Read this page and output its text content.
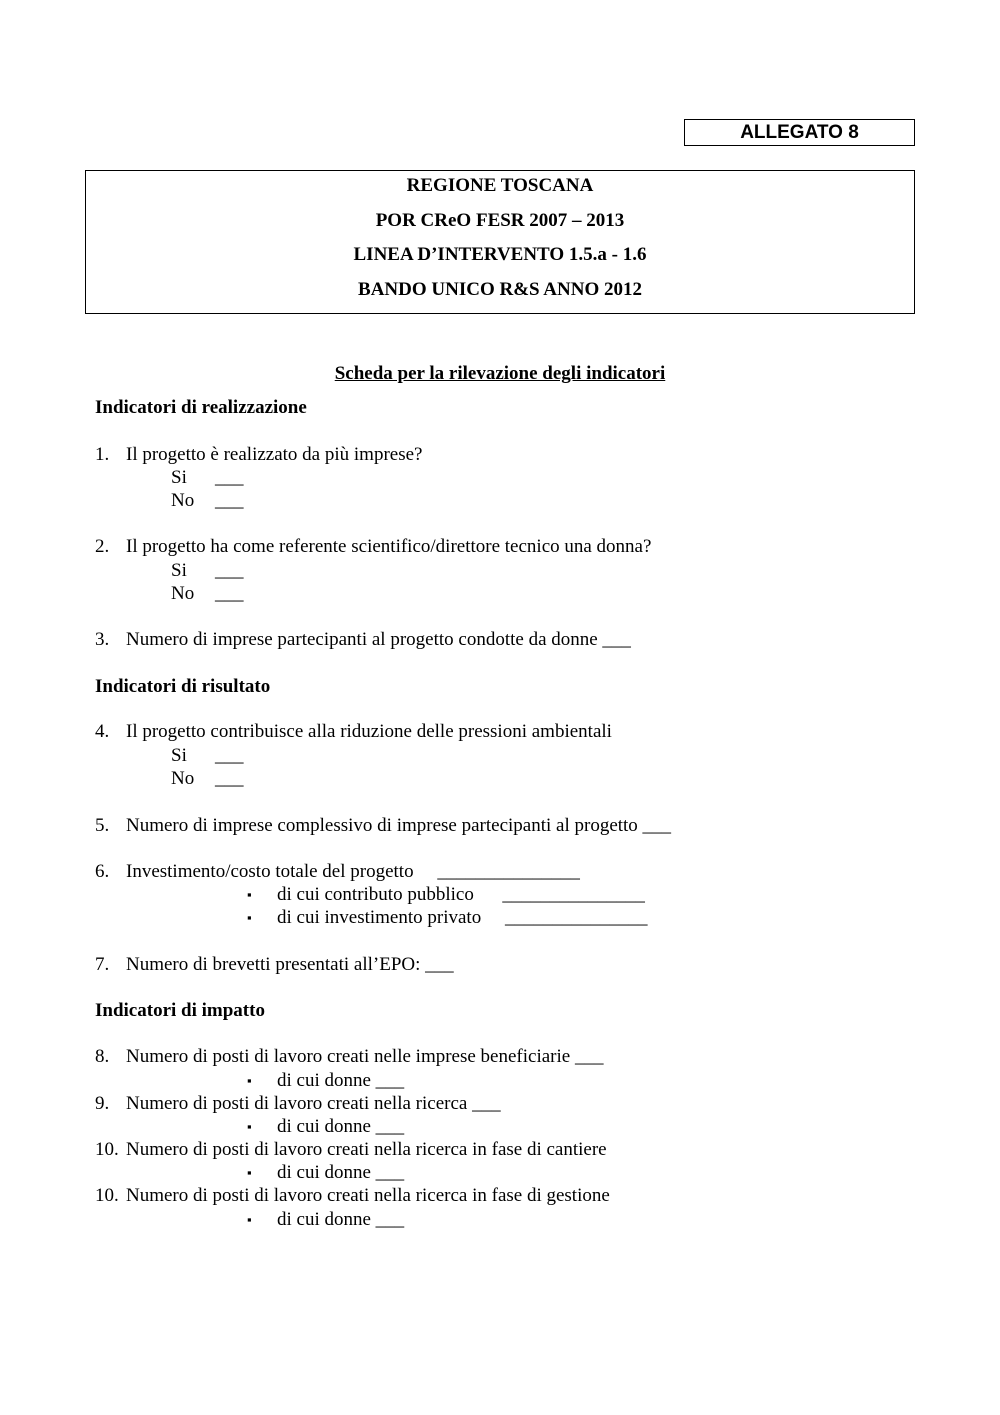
ALLEGATO 8
REGIONE TOSCANA
POR CReO FESR 2007 – 2013
LINEA D’INTERVENTO 1.5.a - 1.6
BANDO UNICO R&S ANNO 2012
Scheda per la rilevazione degli indicatori
Indicatori di realizzazione
1. Il progetto è realizzato da più imprese?
Si ___
No ___
2. Il progetto ha come referente scientifico/direttore tecnico una donna?
Si ___
No ___
3. Numero di imprese partecipanti al progetto condotte da donne ___
Indicatori di risultato
4. Il progetto contribuisce alla riduzione delle pressioni ambientali
Si ___
No ___
5. Numero di imprese complessivo di imprese partecipanti al progetto ___
6. Investimento/costo totale del progetto     _______________
▪ di cui contributo pubblico      _______________
▪ di cui investimento privato     _______________
7. Numero di brevetti presentati all’EPO: ___
Indicatori di impatto
8. Numero di posti di lavoro creati nelle imprese beneficiarie ___
▪ di cui donne ___
9. Numero di posti di lavoro creati nella ricerca ___
▪ di cui donne ___
10. Numero di posti di lavoro creati nella ricerca in fase di cantiere
▪ di cui donne ___
10. Numero di posti di lavoro creati nella ricerca in fase di gestione
▪ di cui donne ___
